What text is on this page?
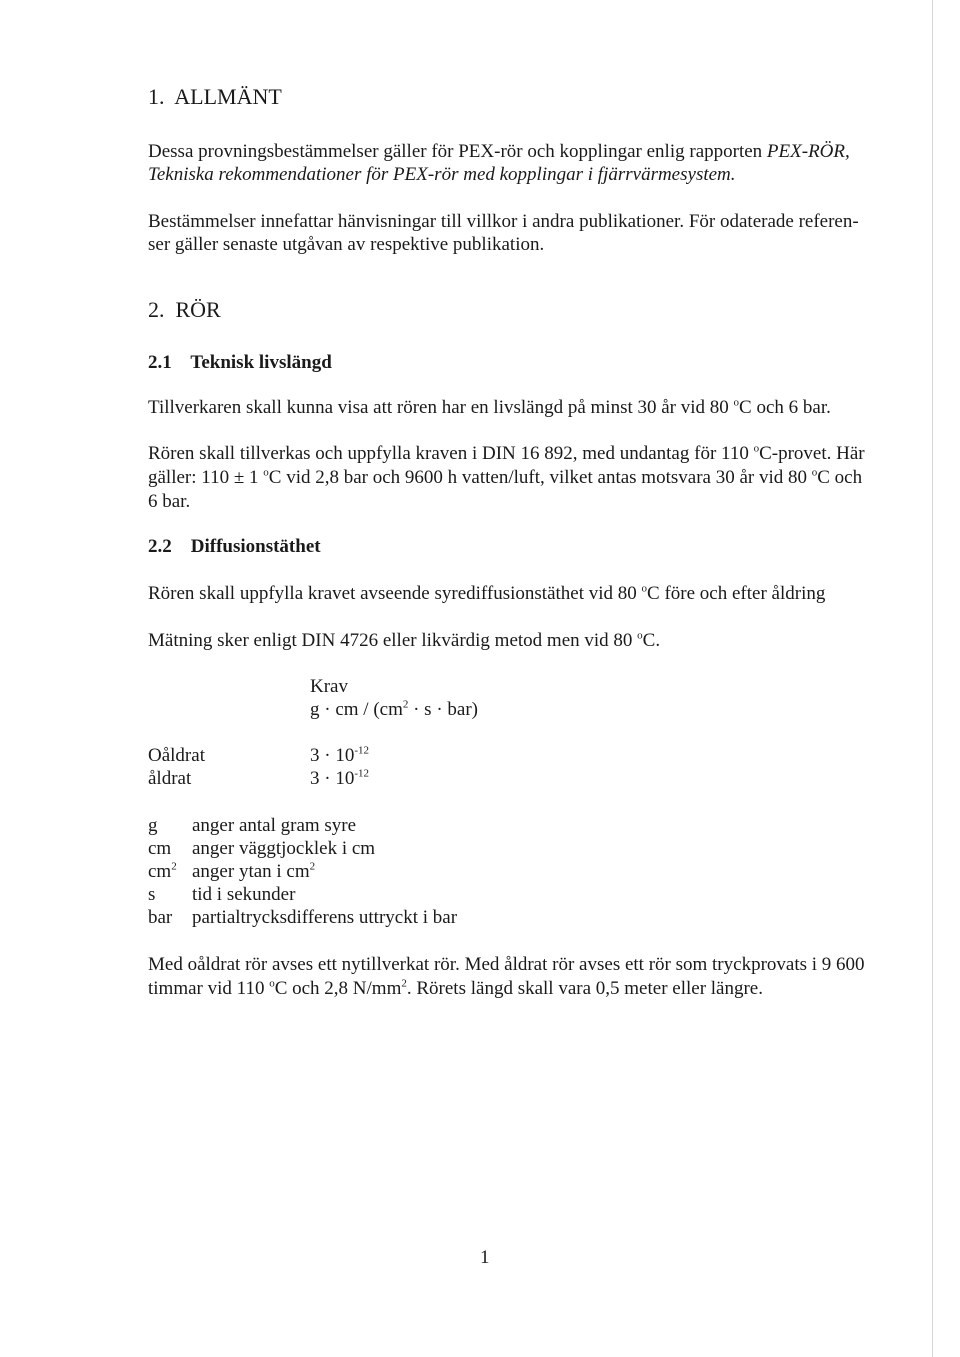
1.  ALLMÄNT
Dessa provningsbestämmelser gäller för PEX-rör och kopplingar enlig rapporten PEX-RÖR,
Tekniska rekommendationer för PEX-rör med kopplingar i fjärrvärmesystem.
Bestämmelser innefattar hänvisningar till villkor i andra publikationer. För odaterade referen-
ser gäller senaste utgåvan av respektive publikation.
2.  RÖR
2.1    Teknisk livslängd
Tillverkaren skall kunna visa att rören har en livslängd på minst 30 år vid 80 $^o$C och 6 bar.
Rören skall tillverkas och uppfylla kraven i DIN 16 892, med undantag för 110 $^o$C-provet. Här
gäller: 110 ± 1 $^o$C vid 2,8 bar och 9600 h vatten/luft, vilket antas motsvara 30 år vid 80 $^o$C och
6 bar.
2.2    Diffusionstäthet
Rören skall uppfylla kravet avseende syrediffusionstäthet vid 80 $^o$C före och efter åldring
Mätning sker enligt DIN 4726 eller likvärdig metod men vid 80 $^o$C.
Krav
g · cm / $(cm^2 \cdot s \cdot bar)$
Oåldrat	$3 \cdot 10^{-12}$
åldrat	$3 \cdot 10^{-12}$
g anger antal gram syre
cm anger väggtjocklek i cm
$cm^2$ anger ytan i $cm^2$
s tid i sekunder
bar partialtrycksdifferens uttryckt i bar
Med oåldrat rör avses ett nytillverkat rör. Med åldrat rör avses ett rör som tryckprovats i 9 600
timmar vid 110 $^o$C och 2,8 $N/mm^2$. Rörets längd skall vara 0,5 meter eller längre.
1
